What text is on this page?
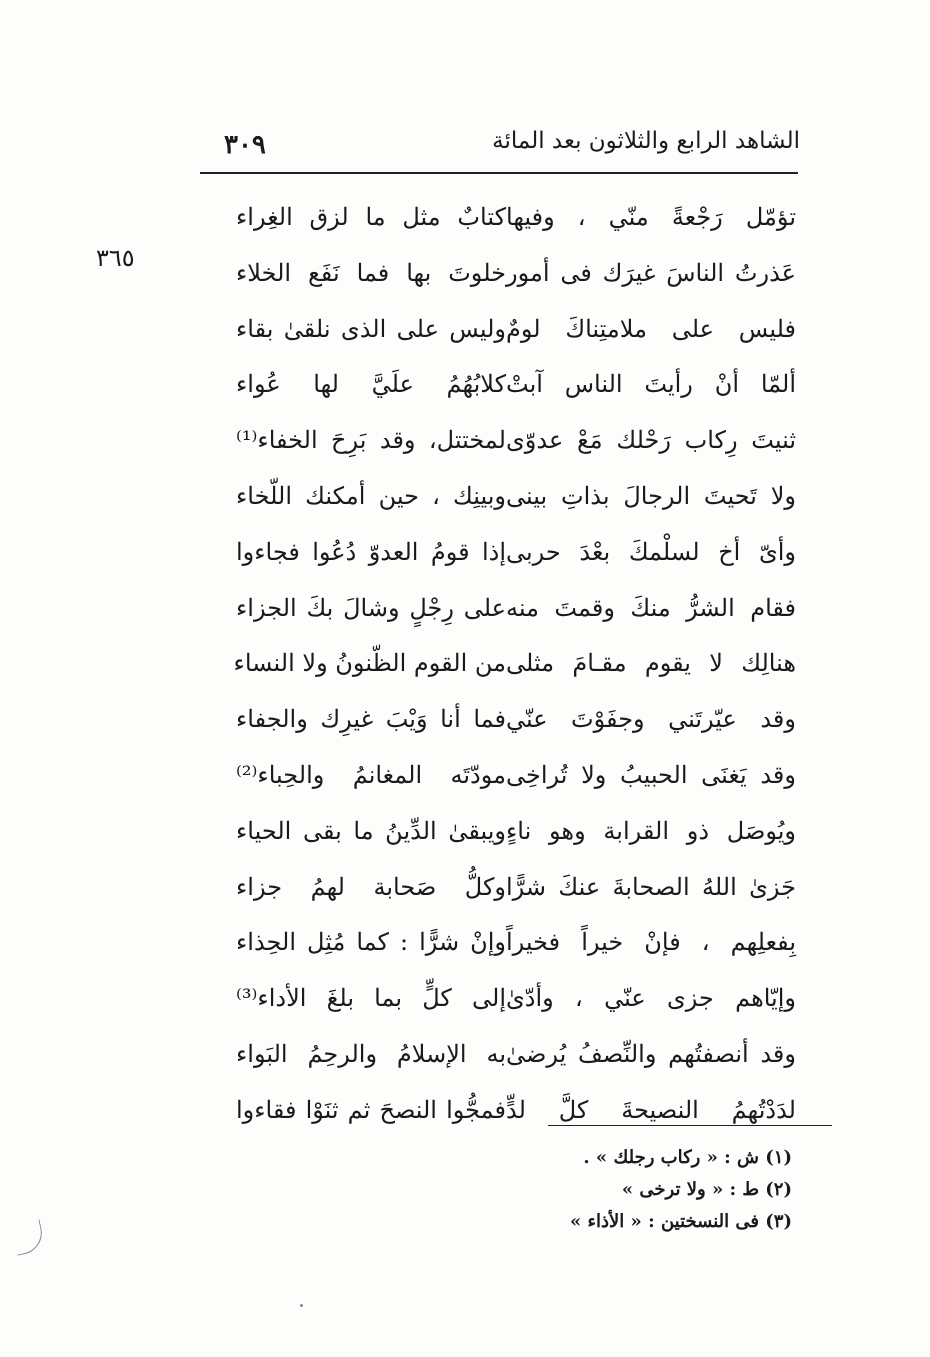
الشاهد الرابع والثلاثون بعد المائة
٣٠٩
٣٦٥
تؤمّل رَجْعةً منّي ، وفيها
كتابٌ مثل ما لزق الغِراء
عَذرتُ الناسَ غيرَك فى أمور
خلوتَ بها فما نَفَع الخلاء
فليس على ملامتِناكَ لومٌ
وليس على الذى نلقىٰ بقاء
ألمّا أنْ رأيتَ الناس آبتْ
كلابُهُمُ علَيَّ لها عُواء
ثنيتَ رِكاب رَحْلك مَعْ عدوّى
لمختتل، وقد بَرِحَ الخفاء⁽¹⁾
ولا تَحيتَ الرجالَ بذاتِ بينى
وبينِك ، حين أمكنك اللّخاء
وأىّ أخ لسلْمكَ بعْدَ حربى
إذا قومُ العدوّ دُعُوا فجاءوا
فقام الشرُّ منكَ وقمتَ منه
على رِجْلٍ وشالَ بكَ الجزاء
هنالِك لا يقوم مقـامَ مثلى
من القوم الظّنونُ ولا النساء
وقد عيّرتَني وجفَوْتَ عنّي
فما أنا وَيْبَ غيرِك والجفاء
وقد يَغنَى الحبيبُ ولا تُراخِى
مودّتَه المغانمُ والحِباء⁽²⁾
ويُوصَل ذو القرابة وهو ناءٍ
ويبقىٰ الدِّينُ ما بقى الحياء
جَزىٰ اللهُ الصحابةَ عنكَ شرًّا
وكلُّ صَحابة لهمُ جزاء
بِفعلِهم ، فإنْ خيراً فخيراً
وإنْ شرًّا : كما مُثِل الحِذاء
وإيّاهم جزى عنّي ، وأدّىٰ
إلى كلٍّ بما بلغَ الأداء⁽³⁾
وقد أنصفتُهم والنِّصفُ يُرضىٰ
به الإسلامُ والرحِمُ البَواء
لدَدْتُهمُ النصيحةَ كلَّ لدٍّ
فمجُّوا النصحَ ثم ثنَوْا فقاءوا
(١) ش : « ركاب رجلك » .
(٢) ط : « ولا ترخى »
(٣) فى النسختين : « الأذاء »
